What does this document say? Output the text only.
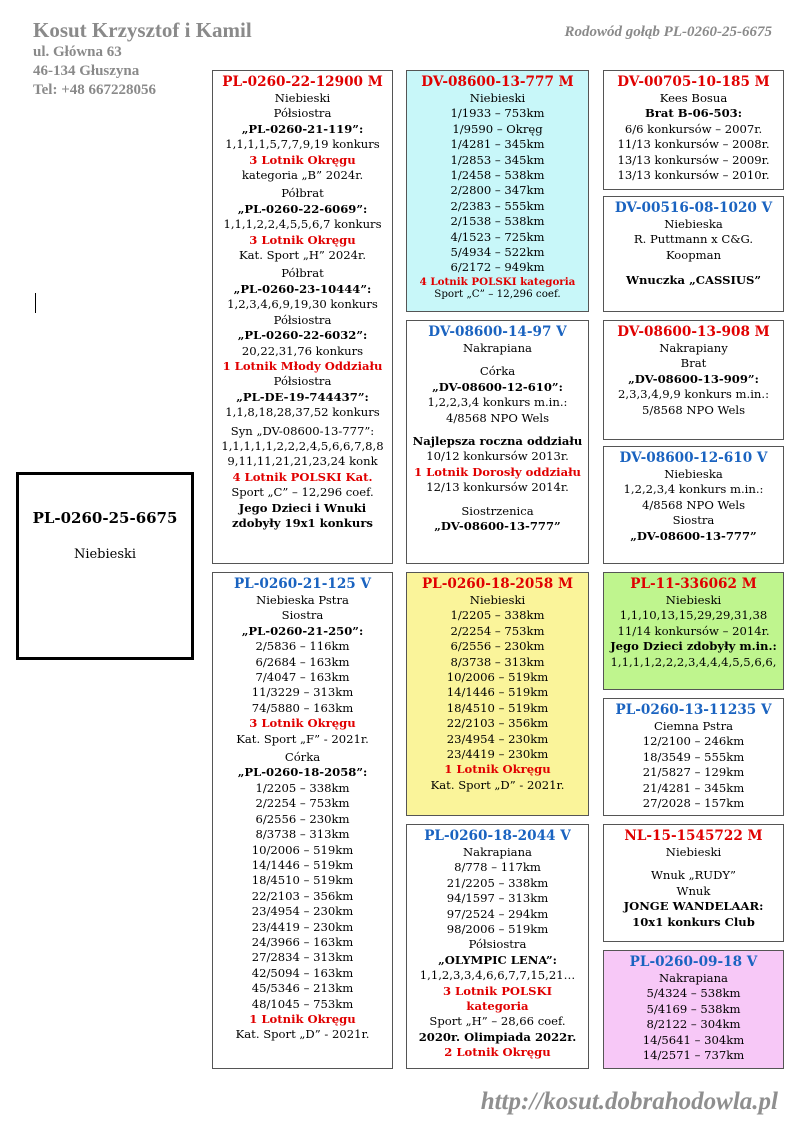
Kosut Krzysztof i Kamil
ul. Główna 63
46-134 Głuszyna
Tel: +48 667228056
Rodowód gołąb PL-0260-25-6675
PL-0260-25-6675
Niebieski
PL-0260-22-12900 M
Niebieski
Półsiostra
„PL-0260-21-119”:
1,1,1,1,5,7,7,9,19 konkurs
3 Lotnik Okręgu
kategoria „B” 2024r.
Półbrat
„PL-0260-22-6069”:
1,1,1,2,2,4,5,5,6,7 konkurs
3 Lotnik Okręgu
Kat. Sport „H” 2024r.
Półbrat
„PL-0260-23-10444”:
1,2,3,4,6,9,19,30 konkurs
Półsiostra
„PL-0260-22-6032”:
20,22,31,76 konkurs
1 Lotnik Młody Oddziału
Półsiostra
„PL-DE-19-744437”:
1,1,8,18,28,37,52 konkurs
Syn „DV-08600-13-777”:
1,1,1,1,1,2,2,2,4,5,6,6,7,8,8
9,11,11,21,21,23,24 konk
4 Lotnik POLSKI Kat.
Sport „C” – 12,296 coef.
Jego Dzieci i Wnuki
zdobyły 19x1 konkurs
PL-0260-21-125 V
Niebieska Pstra
Siostra
„PL-0260-21-250”:
2/5836 – 116km
6/2684 – 163km
7/4047 – 163km
11/3229 – 313km
74/5880 – 163km
3 Lotnik Okręgu
Kat. Sport „F” - 2021r.
Córka
„PL-0260-18-2058”:
1/2205 – 338km
2/2254 – 753km
6/2556 – 230km
8/3738 – 313km
10/2006 – 519km
14/1446 – 519km
18/4510 – 519km
22/2103 – 356km
23/4954 – 230km
23/4419 – 230km
24/3966 – 163km
27/2834 – 313km
42/5094 – 163km
45/5346 – 213km
48/1045 – 753km
1 Lotnik Okręgu
Kat. Sport „D” - 2021r.
DV-08600-13-777 M
Niebieski
1/1933 – 753km
1/9590 – Okręg
1/4281 – 345km
1/2853 – 345km
1/2458 – 538km
2/2800 – 347km
2/2383 – 555km
2/1538 – 538km
4/1523 – 725km
5/4934 – 522km
6/2172 – 949km
4 Lotnik POLSKI kategoria
Sport „C” – 12,296 coef.
DV-08600-14-97 V
Nakrapiana
Córka
„DV-08600-12-610”:
1,2,2,3,4 konkurs m.in.:
4/8568 NPO Wels
Najlepsza roczna oddziału
10/12 konkursów 2013r.
1 Lotnik Dorosły oddziału
12/13 konkursów 2014r.
Siostrzenica
„DV-08600-13-777”
PL-0260-18-2058 M
Niebieski
1/2205 – 338km
2/2254 – 753km
6/2556 – 230km
8/3738 – 313km
10/2006 – 519km
14/1446 – 519km
18/4510 – 519km
22/2103 – 356km
23/4954 – 230km
23/4419 – 230km
1 Lotnik Okręgu
Kat. Sport „D” - 2021r.
PL-0260-18-2044 V
Nakrapiana
8/778 – 117km
21/2205 – 338km
94/1597 – 313km
97/2524 – 294km
98/2006 – 519km
Półsiostra
„OLYMPIC LENA”:
1,1,2,3,3,4,6,6,7,7,15,21…
3 Lotnik POLSKI kategoria
Sport „H” – 28,66 coef.
2020r. Olimpiada 2022r.
2 Lotnik Okręgu
DV-00705-10-185 M
Kees Bosua
Brat B-06-503:
6/6 konkursów – 2007r.
11/13 konkursów – 2008r.
13/13 konkursów – 2009r.
13/13 konkursów – 2010r.
DV-00516-08-1020 V
Niebieska
R. Puttmann x C&G.
Koopman
Wnuczka „CASSIUS”
DV-08600-13-908 M
Nakrapiany
Brat
„DV-08600-13-909”:
2,3,3,4,9,9 konkurs m.in.:
5/8568 NPO Wels
DV-08600-12-610 V
Niebieska
1,2,2,3,4 konkurs m.in.:
4/8568 NPO Wels
Siostra
„DV-08600-13-777”
PL-11-336062 M
Niebieski
1,1,10,13,15,29,29,31,38
11/14 konkursów – 2014r.
Jego Dzieci zdobyły m.in.:
1,1,1,1,2,2,2,3,4,4,4,5,5,6,6,
PL-0260-13-11235 V
Ciemna Pstra
12/2100 – 246km
18/3549 – 555km
21/5827 – 129km
21/4281 – 345km
27/2028 – 157km
NL-15-1545722 M
Niebieski
Wnuk „RUDY”
Wnuk
JONGE WANDELAAR:
10x1 konkurs Club
PL-0260-09-18 V
Nakrapiana
5/4324 – 538km
5/4169 – 538km
8/2122 – 304km
14/5641 – 304km
14/2571 – 737km
http://kosut.dobrahodowla.pl
